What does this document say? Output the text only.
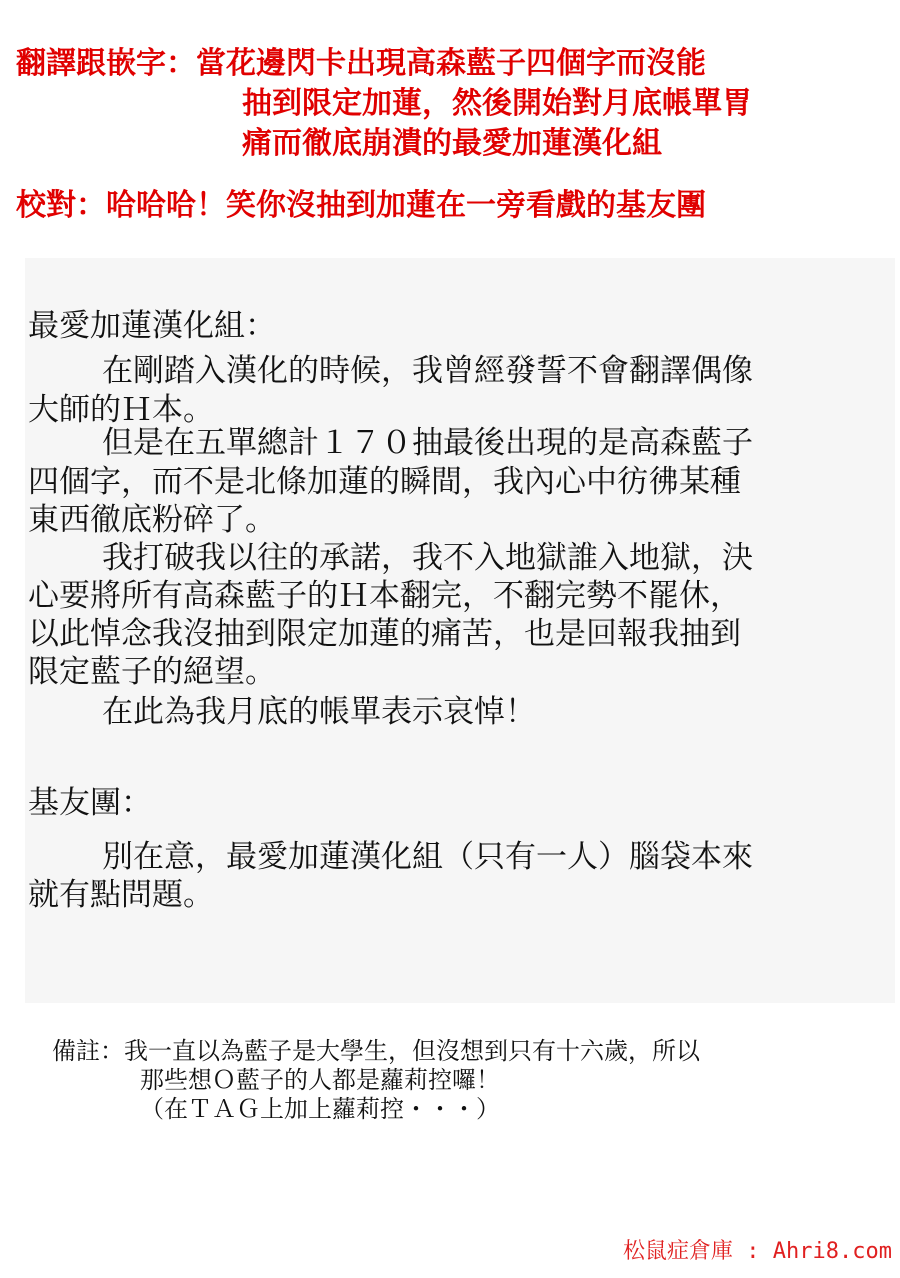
翻譯跟嵌字：當花邊閃卡出現高森藍子四個字而沒能
抽到限定加蓮，然後開始對月底帳單胃
痛而徹底崩潰的最愛加蓮漢化組
校對：哈哈哈！笑你沒抽到加蓮在一旁看戲的基友團
最愛加蓮漢化組：
在剛踏入漢化的時候，我曾經發誓不會翻譯偶像
大師的Ｈ本。
但是在五單總計１７０抽最後出現的是高森藍子
四個字，而不是北條加蓮的瞬間，我內心中彷彿某種
東西徹底粉碎了。
我打破我以往的承諾，我不入地獄誰入地獄，決
心要將所有高森藍子的Ｈ本翻完，不翻完勢不罷休，
以此悼念我沒抽到限定加蓮的痛苦，也是回報我抽到
限定藍子的絕望。
在此為我月底的帳單表示哀悼！
基友團：
別在意，最愛加蓮漢化組（只有一人）腦袋本來
就有點問題。
備註：我一直以為藍子是大學生，但沒想到只有十六歲，所以
那些想Ｏ藍子的人都是蘿莉控囉！
（在ＴＡＧ上加上蘿莉控・・・）
松鼠症倉庫 : Ahri8.com
